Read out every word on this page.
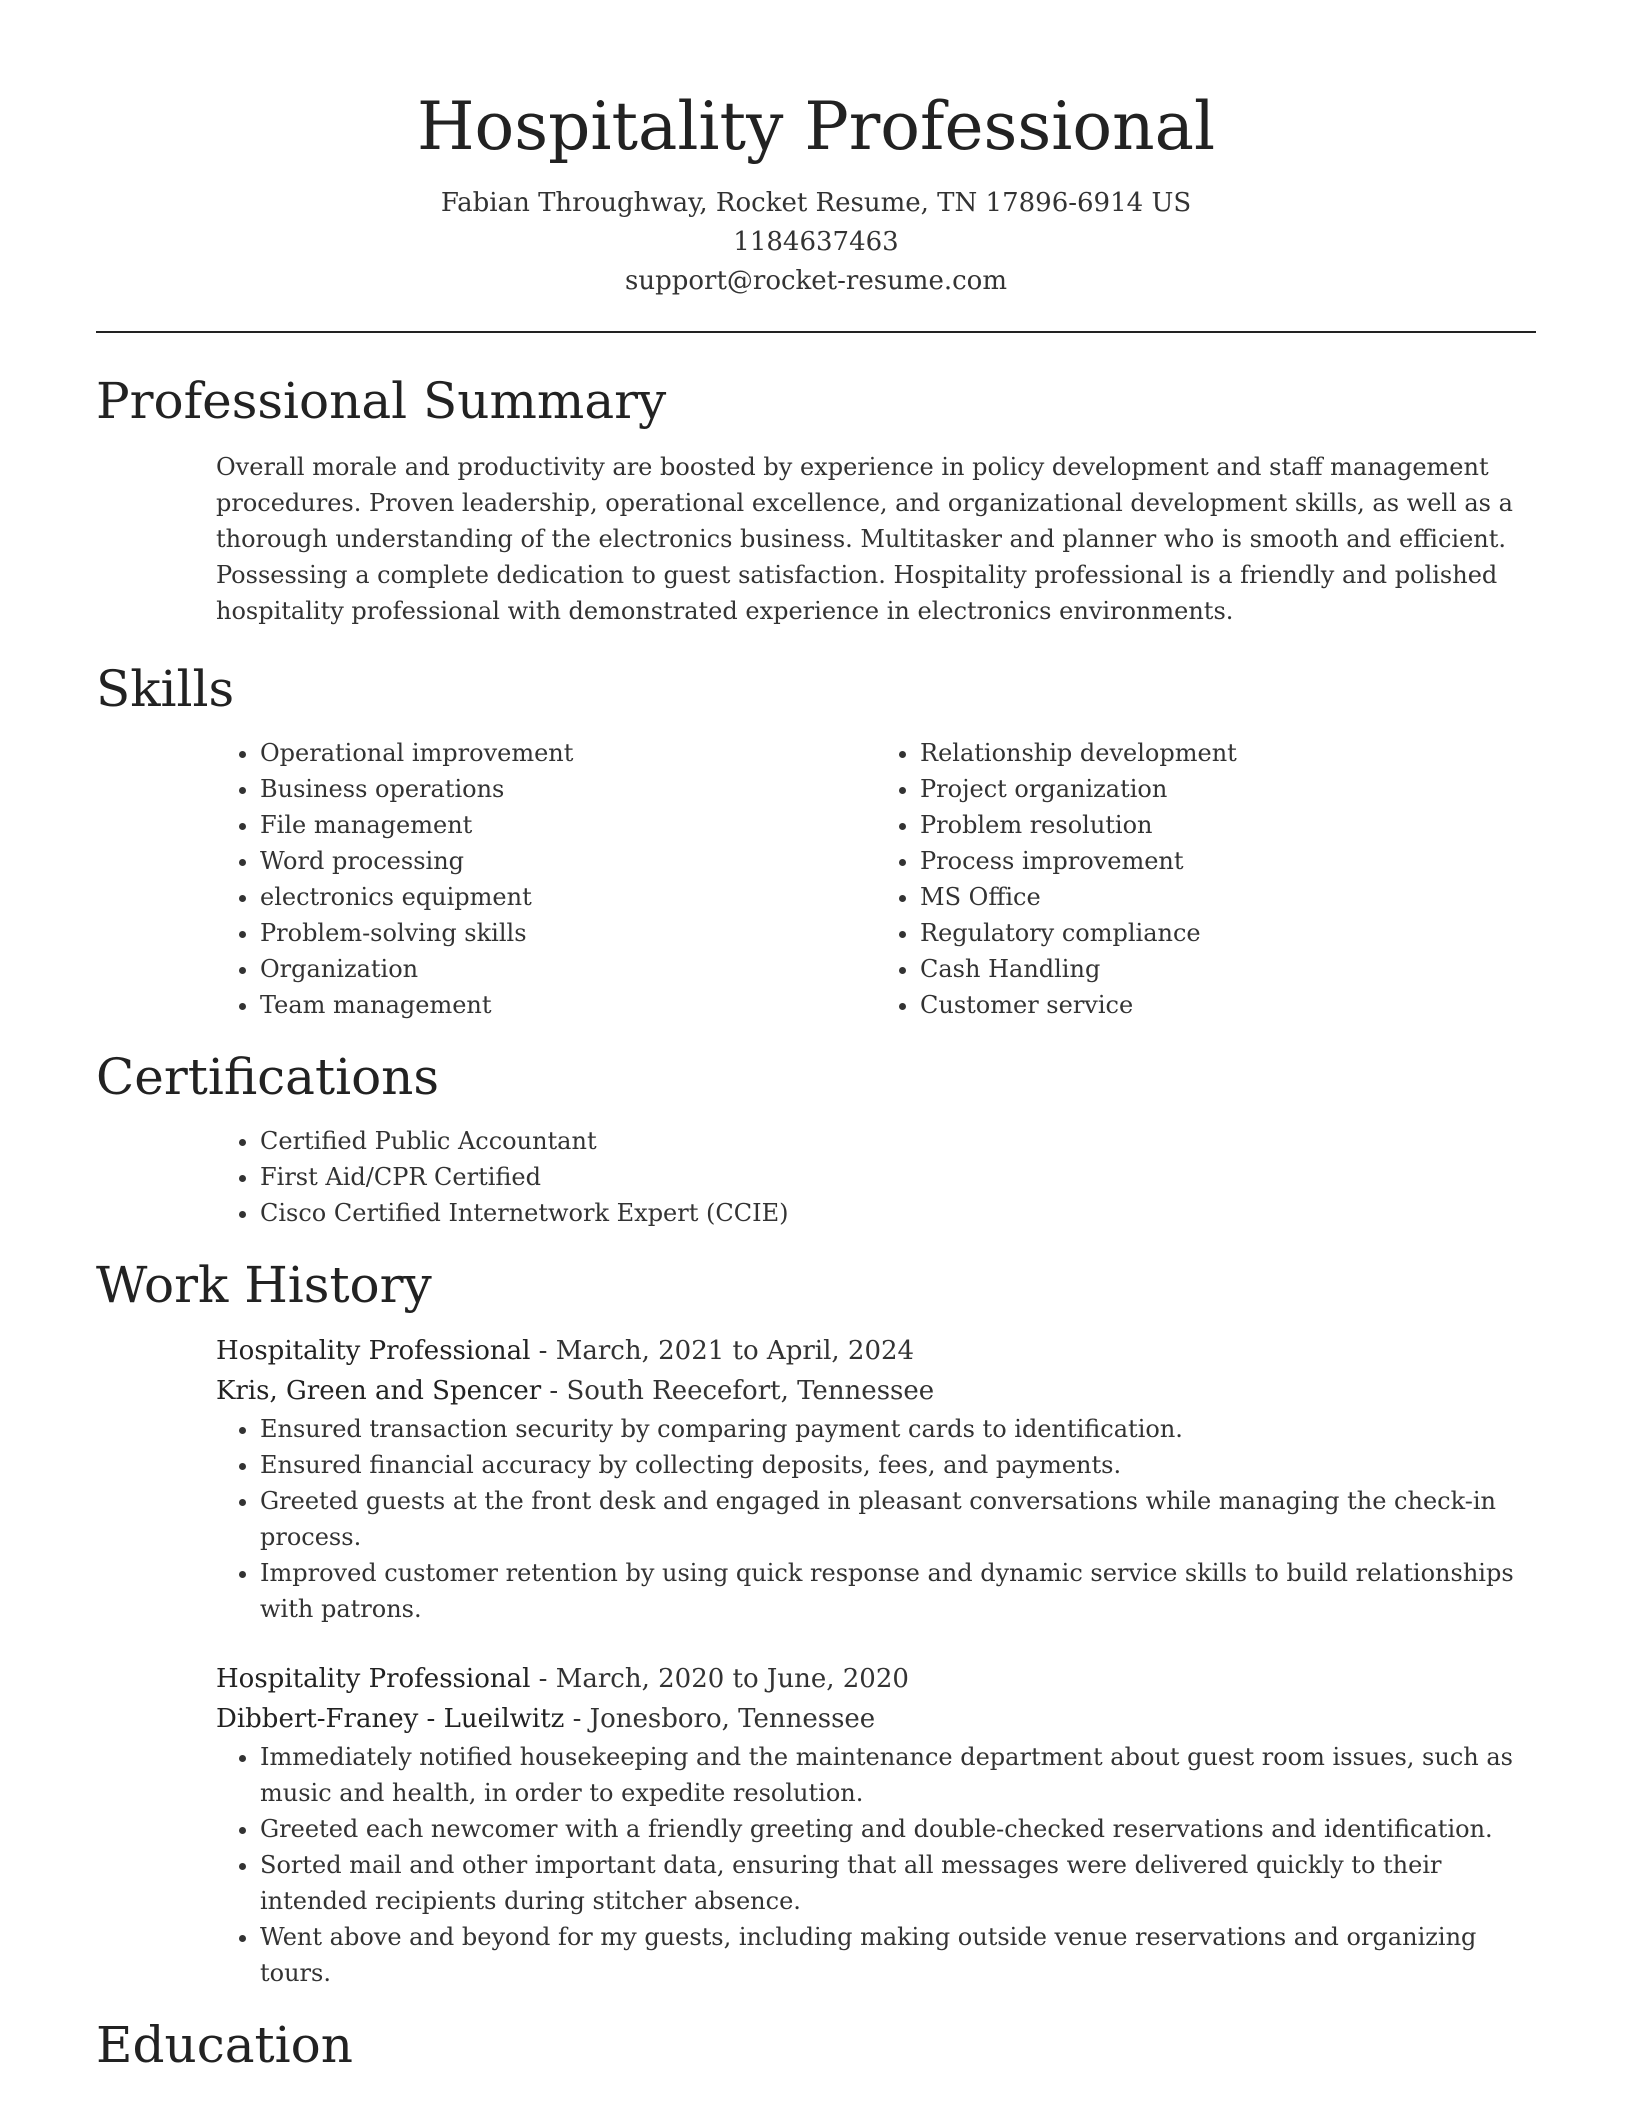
Hospitality Professional
Fabian Throughway, Rocket Resume, TN 17896-6914 US
1184637463
support@rocket-resume.com
Professional Summary
Overall morale and productivity are boosted by experience in policy development and staff management procedures. Proven leadership, operational excellence, and organizational development skills, as well as a thorough understanding of the electronics business. Multitasker and planner who is smooth and efficient. Possessing a complete dedication to guest satisfaction. Hospitality professional is a friendly and polished hospitality professional with demonstrated experience in electronics environments.
Skills
• Operational improvement
• Business operations
• File management
• Word processing
• electronics equipment
• Problem-solving skills
• Organization
• Team management
• Relationship development
• Project organization
• Problem resolution
• Process improvement
• MS Office
• Regulatory compliance
• Cash Handling
• Customer service
Certifications
• Certified Public Accountant
• First Aid/CPR Certified
• Cisco Certified Internetwork Expert (CCIE)
Work History
Hospitality Professional - March, 2021 to April, 2024
Kris, Green and Spencer - South Reecefort, Tennessee
• Ensured transaction security by comparing payment cards to identification.
• Ensured financial accuracy by collecting deposits, fees, and payments.
• Greeted guests at the front desk and engaged in pleasant conversations while managing the check-in process.
• Improved customer retention by using quick response and dynamic service skills to build relationships with patrons.
Hospitality Professional - March, 2020 to June, 2020
Dibbert-Franey - Lueilwitz - Jonesboro, Tennessee
• Immediately notified housekeeping and the maintenance department about guest room issues, such as music and health, in order to expedite resolution.
• Greeted each newcomer with a friendly greeting and double-checked reservations and identification.
• Sorted mail and other important data, ensuring that all messages were delivered quickly to their intended recipients during stitcher absence.
• Went above and beyond for my guests, including making outside venue reservations and organizing tours.
Education
